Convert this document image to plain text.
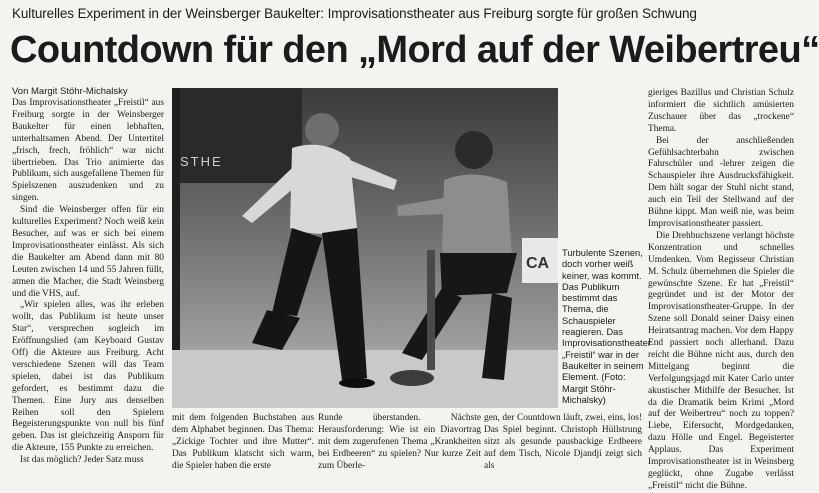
Kulturelles Experiment in der Weinsberger Baukelter: Improvisationstheater aus Freiburg sorgte für großen Schwung
Countdown für den „Mord auf der Weibertreu“
Von Margit Stöhr-Michalsky

Das Improvisationstheater „Freistil“ aus Freiburg sorgte in der Weinsberger Baukelter für einen lebhaften, unterhaltsamen Abend. Der Untertitel „frisch, frech, fröhlich“ war nicht übertrieben. Das Trio animierte das Publikum, sich ausgefallene Themen für Spielszenen auszudenken und zu singen.

Sind die Weinsberger offen für ein kulturelles Experiment? Noch weiß kein Besucher, auf was er sich bei einem Improvisationstheater einlässt. Als sich die Baukelter am Abend dann mit 80 Leuten zwischen 14 und 55 Jahren füllt, atmen die Macher, die Stadt Weinsberg und die VHS, auf.

„Wir spielen alles, was ihr erleben wollt, das Publikum ist heute unser Star“, versprechen sogleich im Eröffnungslied (am Keyboard Gustav Off) die Akteure aus Freiburg. Acht verschiedene Szenen will das Team spielen, dabei ist das Publikum gefordert, es bestimmt dazu die Themen. Eine Jury aus denselben Reihen soll den Spielern Begeisterungspunkte von null bis fünf geben. Das ist gleichzeitig Ansporn für die Akteure, 155 Punkte zu erreichen.

Ist das möglich? Jeder Satz muss

STHE
CA
Turbulente Szenen, doch vorher weiß keiner, was kommt. Das Publikum bestimmt das Thema, die Schauspieler reagieren. Das Improvisationstheater „Freistil“ war in der Baukelter in seinem Element. (Foto: Margit Stöhr-Michalsky)

mit dem folgenden Buchstaben aus dem Alphabet beginnen. Das Thema: „Zickige Tochter und ihre Mutter“. Das Publikum klatscht sich warm, die Spieler haben die erste

Runde überstanden. Nächste Herausforderung: Wie ist ein Diavortrag mit dem zugerufenen Thema „Krankheiten bei Erdbeeren“ zu spielen? Nur kurze Zeit zum Überle-

gen, der Countdown läuft, zwei, eins, los! Das Spiel beginnt. Christoph Hüllstrung sitzt als gesunde pausbackige Erdbeere auf dem Tisch, Nicole Djandji zeigt sich als

gieriges Bazillus und Christian Schulz informiert die sichtlich amüsierten Zuschauer über das „trockene“ Thema.

Bei der anschließenden Gefühlsachterbahn zwischen Fahrschüler und -lehrer zeigen die Schauspieler ihre Ausdrucksfähigkeit. Dem hält sogar der Stuhl nicht stand, auch ein Teil der Stellwand auf der Bühne kippt. Man weiß nie, was beim Improvisationstheater passiert.

Die Drehbuchszene verlangt höchste Konzentration und schnelles Umdenken. Vom Regisseur Christian M. Schulz übernehmen die Spieler die gewünschte Szene. Er hat „Freistil“ gegründet und ist der Motor der Improvisationstheater-Gruppe. In der Szene soll Donald seiner Daisy einen Heiratsantrag machen. Vor dem Happy End passiert noch allerhand. Dazu reicht die Bühne nicht aus, durch den Mittelgang beginnt die Verfolgungsjagd mit Kater Carlo unter akustischer Mithilfe der Besucher. Ist da die Dramatik beim Krimi „Mord auf der Weibertreu“ noch zu toppen? Liebe, Eifersucht, Mordgedanken, dazu Hölle und Engel. Begeisterter Applaus. Das Experiment Improvisationstheater ist in Weinsberg geglückt, ohne Zugabe verlässt „Freistil“ nicht die Bühne.
